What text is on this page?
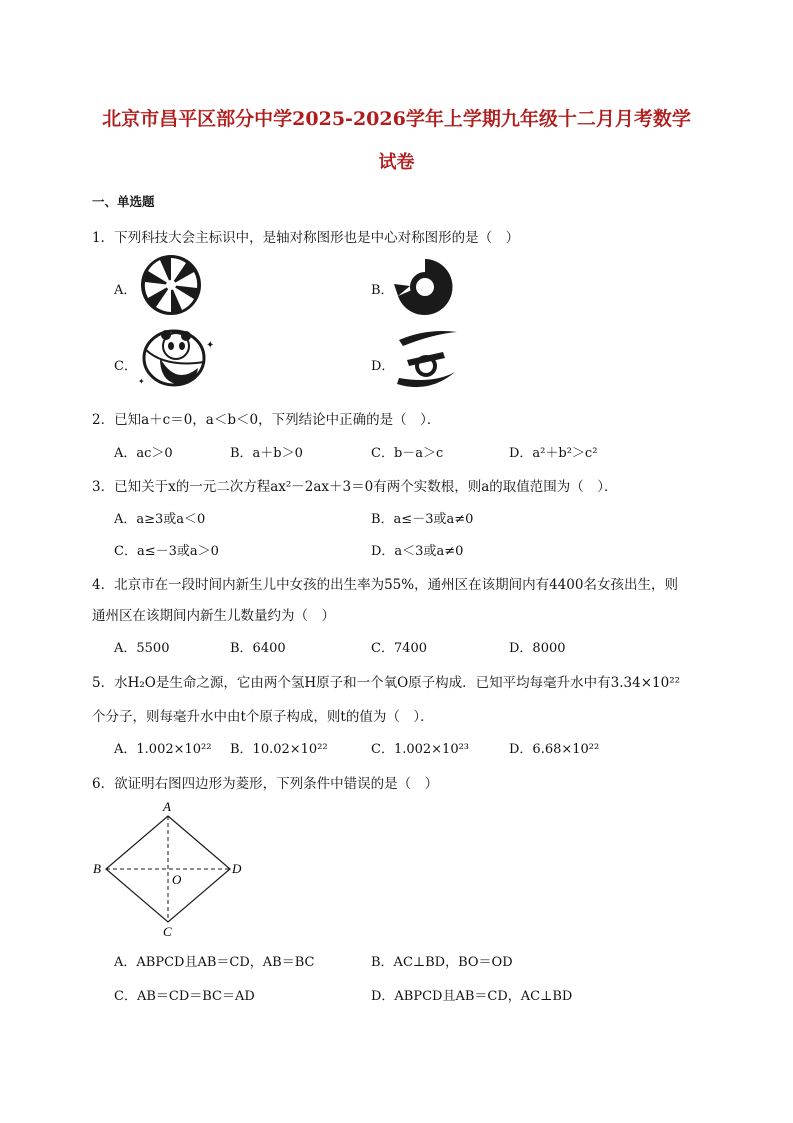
北京市昌平区部分中学2025-2026学年上学期九年级十二月月考数学
试卷
一、单选题
1．下列科技大会主标识中，是轴对称图形也是中心对称图形的是（　）
A．	B．
C．
✦
✦
D．
2．已知a＋c＝0，a＜b＜0，下列结论中正确的是（　）．
A．ac＞0	B．a＋b＞0	C．b－a＞c	D．a²＋b²＞c²
3．已知关于x的一元二次方程ax²－2ax＋3＝0有两个实数根，则a的取值范围为（　）．
A．a≥3或a＜0	B．a≤－3或a≠0
C．a≤－3或a＞0	D．a＜3或a≠0
4．北京市在一段时间内新生儿中女孩的出生率为55%，通州区在该期间内有4400名女孩出生，则
通州区在该期间内新生儿数量约为（　）
A．5500	B．6400	C．7400	D．8000
5．水H₂O是生命之源，它由两个氢H原子和一个氧O原子构成．已知平均每毫升水中有3.34×10²²
个分子，则每毫升水中由t个原子构成，则t的值为（　）．
A．1.002×10²² B．10.02×10²²	C．1.002×10²³	D．6.68×10²²
6．欲证明右图四边形为菱形，下列条件中错误的是（　）
A
B
C
D
O
A．ABPCD且AB＝CD，AB＝BC	B．AC⊥BD，BO＝OD
C．AB＝CD＝BC＝AD	D．ABPCD且AB＝CD，AC⊥BD
